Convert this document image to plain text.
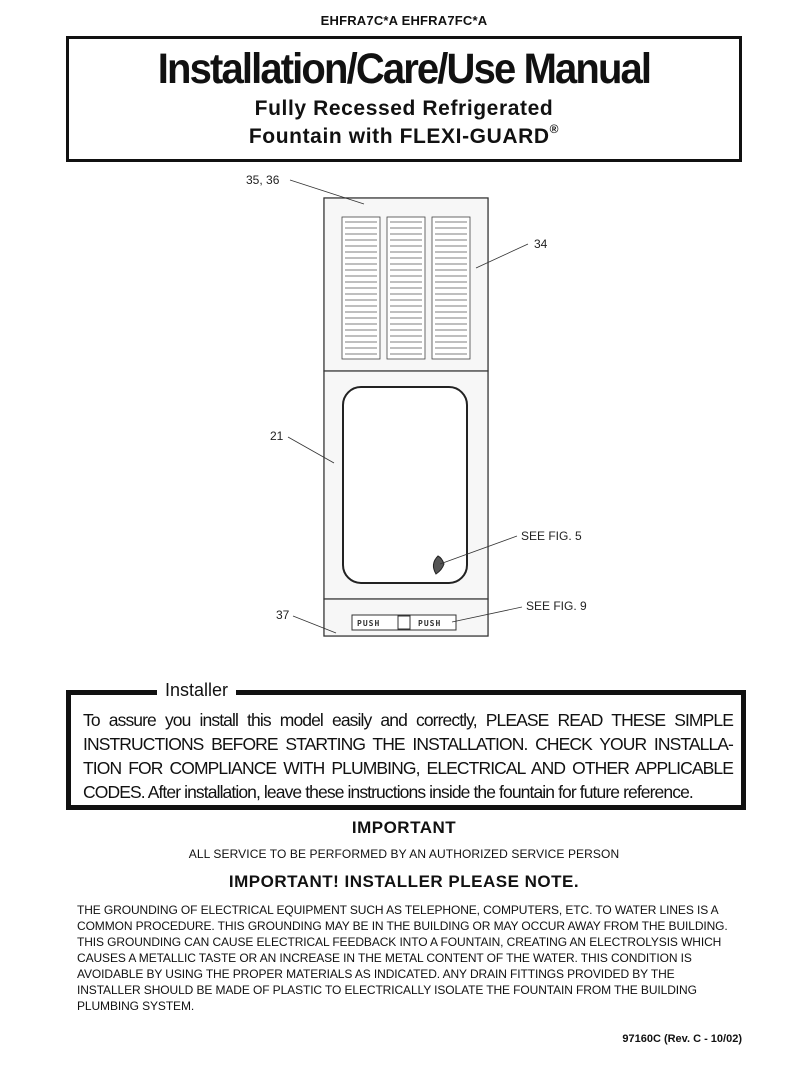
EHFRA7C*A EHFRA7FC*A
Installation/Care/Use Manual
Fully Recessed Refrigerated
Fountain with FLEXI-GUARD®
PUSH	PUSH
35, 36
34
21
SEE FIG. 5
37
SEE FIG. 9
Installer
To assure you install this model easily and correctly, PLEASE READ THESE SIMPLE INSTRUCTIONS BEFORE STARTING THE INSTALLATION. CHECK YOUR INSTALLA-TION FOR COMPLIANCE WITH PLUMBING, ELECTRICAL AND OTHER APPLICABLE CODES. After installation, leave these instructions inside the fountain for future reference.
IMPORTANT
ALL SERVICE TO BE PERFORMED BY AN AUTHORIZED SERVICE PERSON
IMPORTANT! INSTALLER PLEASE NOTE.
THE GROUNDING OF ELECTRICAL EQUIPMENT SUCH AS TELEPHONE, COMPUTERS, ETC. TO WATER LINES IS A COMMON PROCEDURE. THIS GROUNDING MAY BE IN THE BUILDING OR MAY OCCUR AWAY FROM THE BUILDING. THIS GROUNDING CAN CAUSE ELECTRICAL FEEDBACK INTO A FOUNTAIN, CREATING AN ELECTROLYSIS WHICH CAUSES A METALLIC TASTE OR AN INCREASE IN THE METAL CONTENT OF THE WATER. THIS CONDITION IS AVOIDABLE BY USING THE PROPER MATERIALS AS INDICATED. ANY DRAIN FITTINGS PROVIDED BY THE INSTALLER SHOULD BE MADE OF PLASTIC TO ELECTRICALLY ISOLATE THE FOUNTAIN FROM THE BUILDING PLUMBING SYSTEM.
97160C (Rev. C - 10/02)
